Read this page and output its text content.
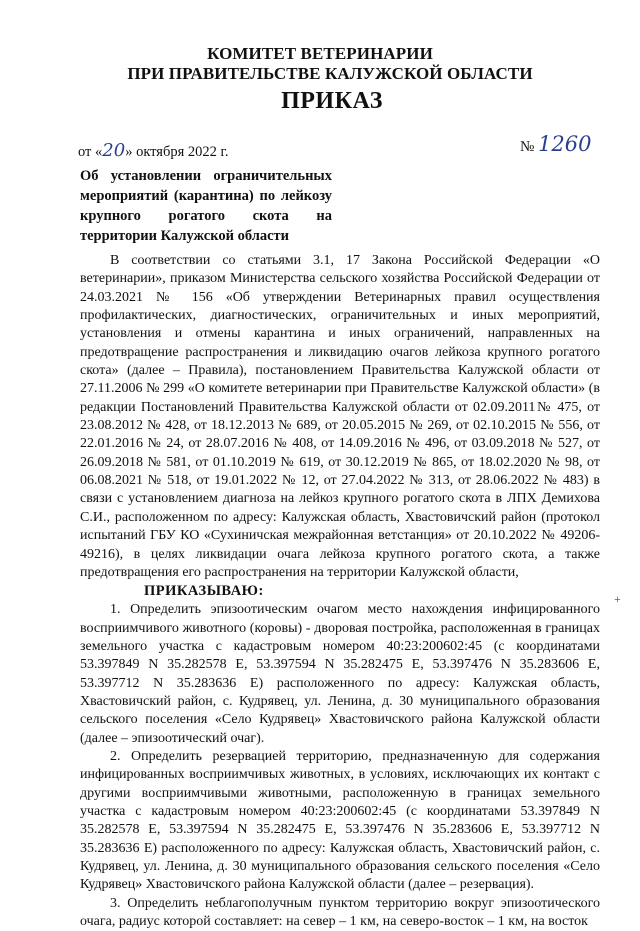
КОМИТЕТ ВЕТЕРИНАРИИ
ПРИ ПРАВИТЕЛЬСТВЕ КАЛУЖСКОЙ ОБЛАСТИ
ПРИКАЗ
от «20» октября 2022 г.	№ 1260
Об установлении ограничительных мероприятий (карантина) по лейкозу крупного рогатого скота на территории Калужской области

В соответствии со статьями 3.1, 17 Закона Российской Федерации «О ветеринарии», приказом Министерства сельского хозяйства Российской Федерации от 24.03.2021 № 156 «Об утверждении Ветеринарных правил осуществления профилактических, диагностических, ограничительных и иных мероприятий, установления и отмены карантина и иных ограничений, направленных на предотвращение распространения и ликвидацию очагов лейкоза крупного рогатого скота» (далее – Правила), постановлением Правительства Калужской области от 27.11.2006 № 299 «О комитете ветеринарии при Правительстве Калужской области» (в редакции Постановлений Правительства Калужской области от 02.09.2011№ 475, от 23.08.2012 № 428, от 18.12.2013 № 689, от 20.05.2015 № 269, от 02.10.2015 № 556, от 22.01.2016 № 24, от 28.07.2016 № 408, от 14.09.2016 № 496, от 03.09.2018 № 527, от 26.09.2018 № 581, от 01.10.2019 № 619, от 30.12.2019 № 865, от 18.02.2020 № 98, от 06.08.2021 № 518, от 19.01.2022 № 12, от 27.04.2022 № 313, от 28.06.2022 № 483) в связи с установлением диагноза на лейкоз крупного рогатого скота в ЛПХ Демихова С.И., расположенном по адресу: Калужская область, Хвастовичский район (протокол испытаний ГБУ КО «Сухиничская межрайонная ветстанция» от 20.10.2022 № 49206-49216), в целях ликвидации очага лейкоза крупного рогатого скота, а также предотвращения его распространения на территории Калужской области,

ПРИКАЗЫВАЮ:

1. Определить эпизоотическим очагом место нахождения инфицированного восприимчивого животного (коровы) - дворовая постройка, расположенная в границах земельного участка с кадастровым номером 40:23:200602:45 (с координатами 53.397849 N 35.282578 E, 53.397594 N 35.282475 E, 53.397476 N 35.283606 E, 53.397712 N 35.283636 E) расположенного по адресу: Калужская область, Хвастовичский район, с. Кудрявец, ул. Ленина, д. 30 муниципального образования сельского поселения «Село Кудрявец» Хвастовичского района Калужской области (далее – эпизоотический очаг).

2. Определить резервацией территорию, предназначенную для содержания инфицированных восприимчивых животных, в условиях, исключающих их контакт с другими восприимчивыми животными, расположенную в границах земельного участка с кадастровым номером 40:23:200602:45 (с координатами 53.397849 N 35.282578 E, 53.397594 N 35.282475 E, 53.397476 N 35.283606 E, 53.397712 N 35.283636 E) расположенного по адресу: Калужская область, Хвастовичский район, с. Кудрявец, ул. Ленина, д. 30 муниципального образования сельского поселения «Село Кудрявец» Хвастовичского района Калужской области (далее – резервация).

3. Определить неблагополучным пунктом территорию вокруг эпизоотического очага, радиус которой составляет: на север – 1 км, на северо-восток – 1 км, на восток

+
